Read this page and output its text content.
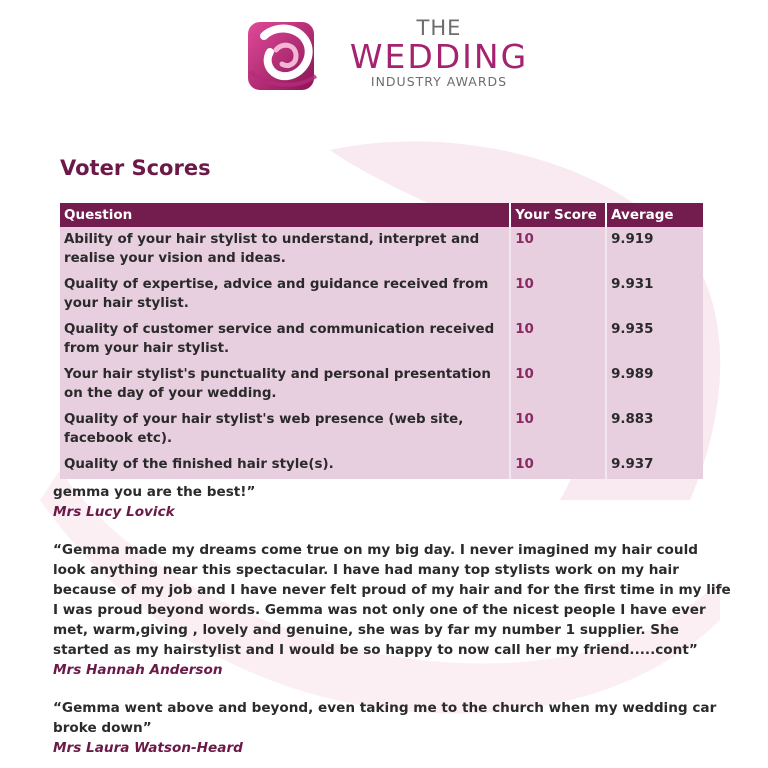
THE
WEDDING
INDUSTRY AWARDS
Voter Scores
Question	Your Score	Average
Ability of your hair stylist to understand, interpret and realise your vision and ideas.	10	9.919
Quality of expertise, advice and guidance received from your hair stylist.	10	9.931
Quality of customer service and communication received from your hair stylist.	10	9.935
Your hair stylist's punctuality and personal presentation on the day of your wedding.	10	9.989
Quality of your hair stylist's web presence (web site, facebook etc).	10	9.883
Quality of the finished hair style(s).	10	9.937

gemma you are the best!”

Mrs Lucy Lovick

“Gemma made my dreams come true on my big day. I never imagined my hair could look anything near this spectacular. I have had many top stylists work on my hair because of my job and I have never felt proud of my hair and for the first time in my life I was proud beyond words. Gemma was not only one of the nicest people I have ever met, warm,giving , lovely and genuine, she was by far my number 1 supplier. She started as my hairstylist and I would be so happy to now call her my friend.....cont”

Mrs Hannah Anderson

“Gemma went above and beyond, even taking me to the church when my wedding car broke down”

Mrs Laura Watson-Heard
